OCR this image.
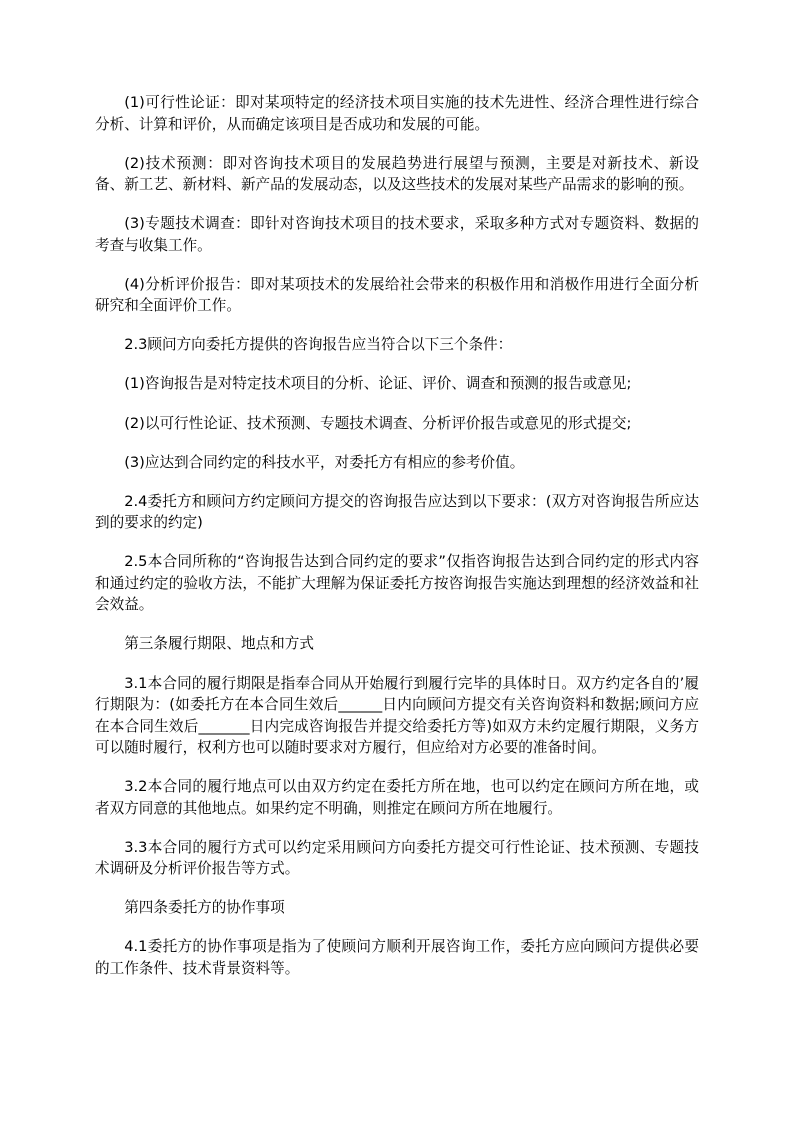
(1)可行性论证：即对某项特定的经济技术项目实施的技术先进性、经济合理性进行综合分析、计算和评价，从而确定该项目是否成功和发展的可能。

(2)技术预测：即对咨询技术项目的发展趋势进行展望与预测，主要是对新技术、新设备、新工艺、新材料、新产品的发展动态，以及这些技术的发展对某些产品需求的影响的预。

(3)专题技术调查：即针对咨询技术项目的技术要求，采取多种方式对专题资料、数据的考查与收集工作。

(4)分析评价报告：即对某项技术的发展给社会带来的积极作用和消极作用进行全面分析研究和全面评价工作。

2.3顾问方向委托方提供的咨询报告应当符合以下三个条件：

(1)咨询报告是对特定技术项目的分析、论证、评价、调查和预测的报告或意见;

(2)以可行性论证、技术预测、专题技术调查、分析评价报告或意见的形式提交;

(3)应达到合同约定的科技水平，对委托方有相应的参考价值。

2.4委托方和顾问方约定顾问方提交的咨询报告应达到以下要求：(双方对咨询报告所应达到的要求的约定)

2.5本合同所称的“咨询报告达到合同约定的要求”仅指咨询报告达到合同约定的形式内容和通过约定的验收方法，不能扩大理解为保证委托方按咨询报告实施达到理想的经济效益和社会效益。

第三条履行期限、地点和方式

3.1本合同的履行期限是指奉合同从开始履行到履行完毕的具体时日。双方约定各自的’履行期限为：(如委托方在本合同生效后______日内向顾问方提交有关咨询资料和数据;顾问方应在本合同生效后_______日内完成咨询报告并提交给委托方等)如双方未约定履行期限，义务方可以随时履行，权利方也可以随时要求对方履行，但应给对方必要的准备时间。

3.2本合同的履行地点可以由双方约定在委托方所在地，也可以约定在顾问方所在地，或者双方同意的其他地点。如果约定不明确，则推定在顾问方所在地履行。

3.3本合同的履行方式可以约定采用顾问方向委托方提交可行性论证、技术预测、专题技术调研及分析评价报告等方式。

第四条委托方的协作事项

4.1委托方的协作事项是指为了使顾问方顺利开展咨询工作，委托方应向顾问方提供必要的工作条件、技术背景资料等。
